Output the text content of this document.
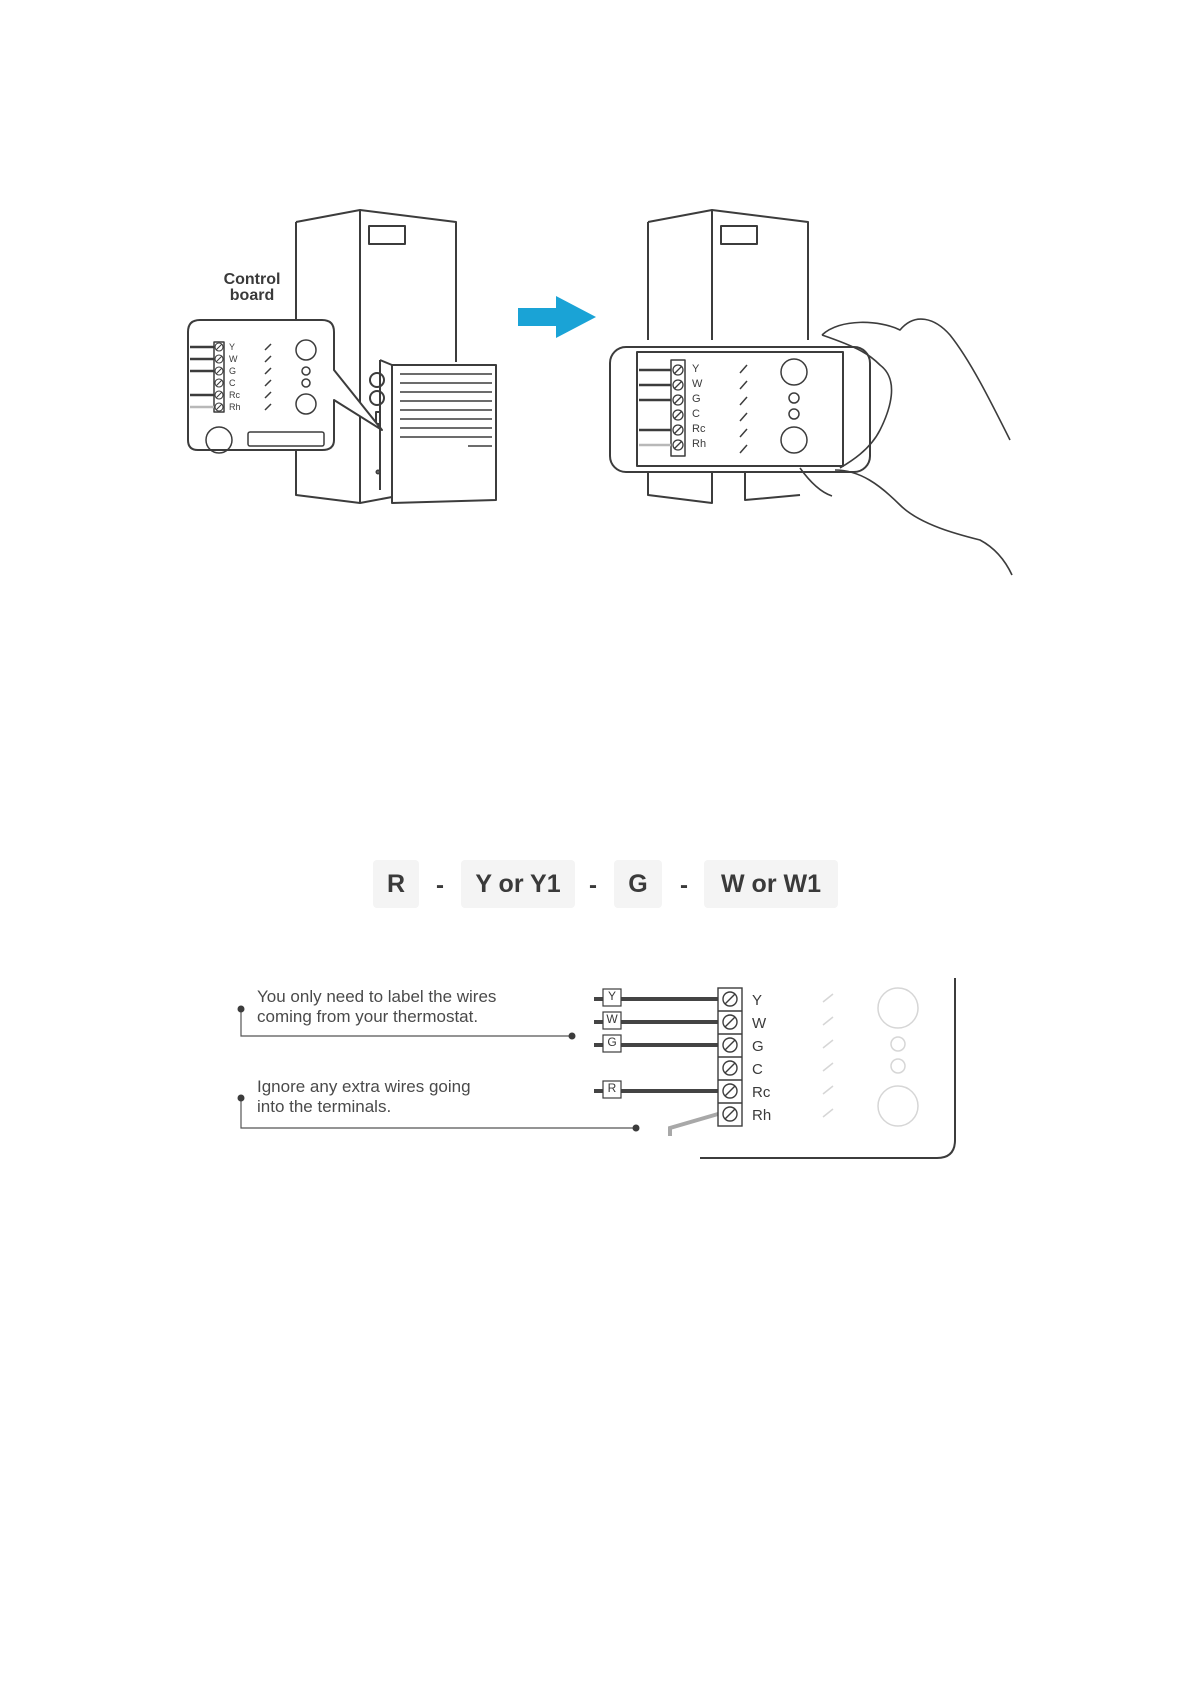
Control board
Y
W
G
C
Rc
Rh
Y
W
G
C
Rc
Rh
R	-	Y or Y1	-	G	-	W or W1
Y
W
G
R
Y
W
G
C
Rc
Rh
You only need to label the wires coming from your thermostat.
Ignore any extra wires going into the terminals.
